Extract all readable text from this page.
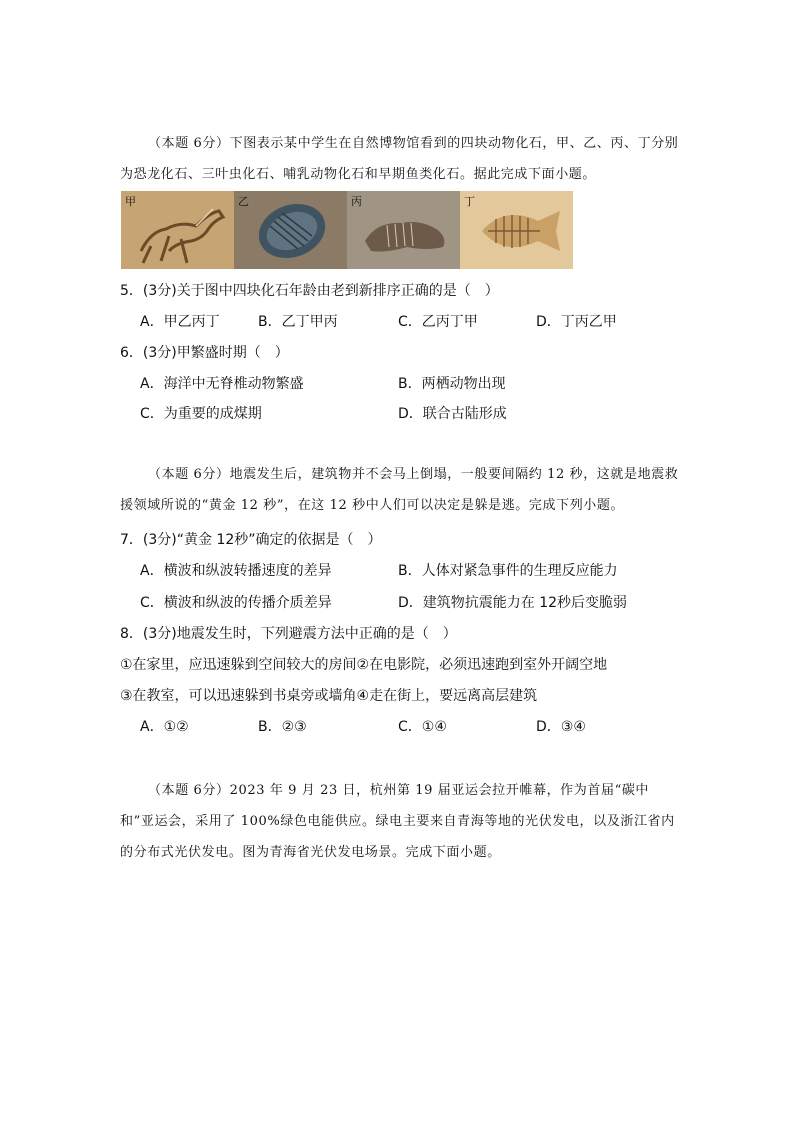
（本题 6分）下图表示某中学生在自然博物馆看到的四块动物化石，甲、乙、丙、丁分别为恐龙化石、三叶虫化石、哺乳动物化石和早期鱼类化石。据此完成下面小题。
甲	乙	丙	丁
5．(3分)关于图中四块化石年龄由老到新排序正确的是（　）
A．甲乙丙丁	B．乙丁甲丙	C．乙丙丁甲	D．丁丙乙甲
6．(3分)甲繁盛时期（　）
A．海洋中无脊椎动物繁盛	B．两栖动物出现
C．为重要的成煤期	D．联合古陆形成
（本题 6分）地震发生后，建筑物并不会马上倒塌，一般要间隔约 12 秒，这就是地震救援领域所说的“黄金 12 秒”，在这 12 秒中人们可以决定是躲是逃。完成下列小题。
7．(3分)“黄金 12秒”确定的依据是（　）
A．横波和纵波转播速度的差异	B．人体对紧急事件的生理反应能力
C．横波和纵波的传播介质差异	D．建筑物抗震能力在 12秒后变脆弱
8．(3分)地震发生时，下列避震方法中正确的是（　）
①在家里，应迅速躲到空间较大的房间②在电影院，必须迅速跑到室外开阔空地
③在教室，可以迅速躲到书桌旁或墙角④走在街上，要远离高层建筑
A．①②	B．②③	C．①④	D．③④
（本题 6分）2023 年 9 月 23 日，杭州第 19 届亚运会拉开帷幕，作为首届“碳中和”亚运会，采用了 100%绿色电能供应。绿电主要来自青海等地的光伏发电，以及浙江省内的分布式光伏发电。图为青海省光伏发电场景。完成下面小题。
